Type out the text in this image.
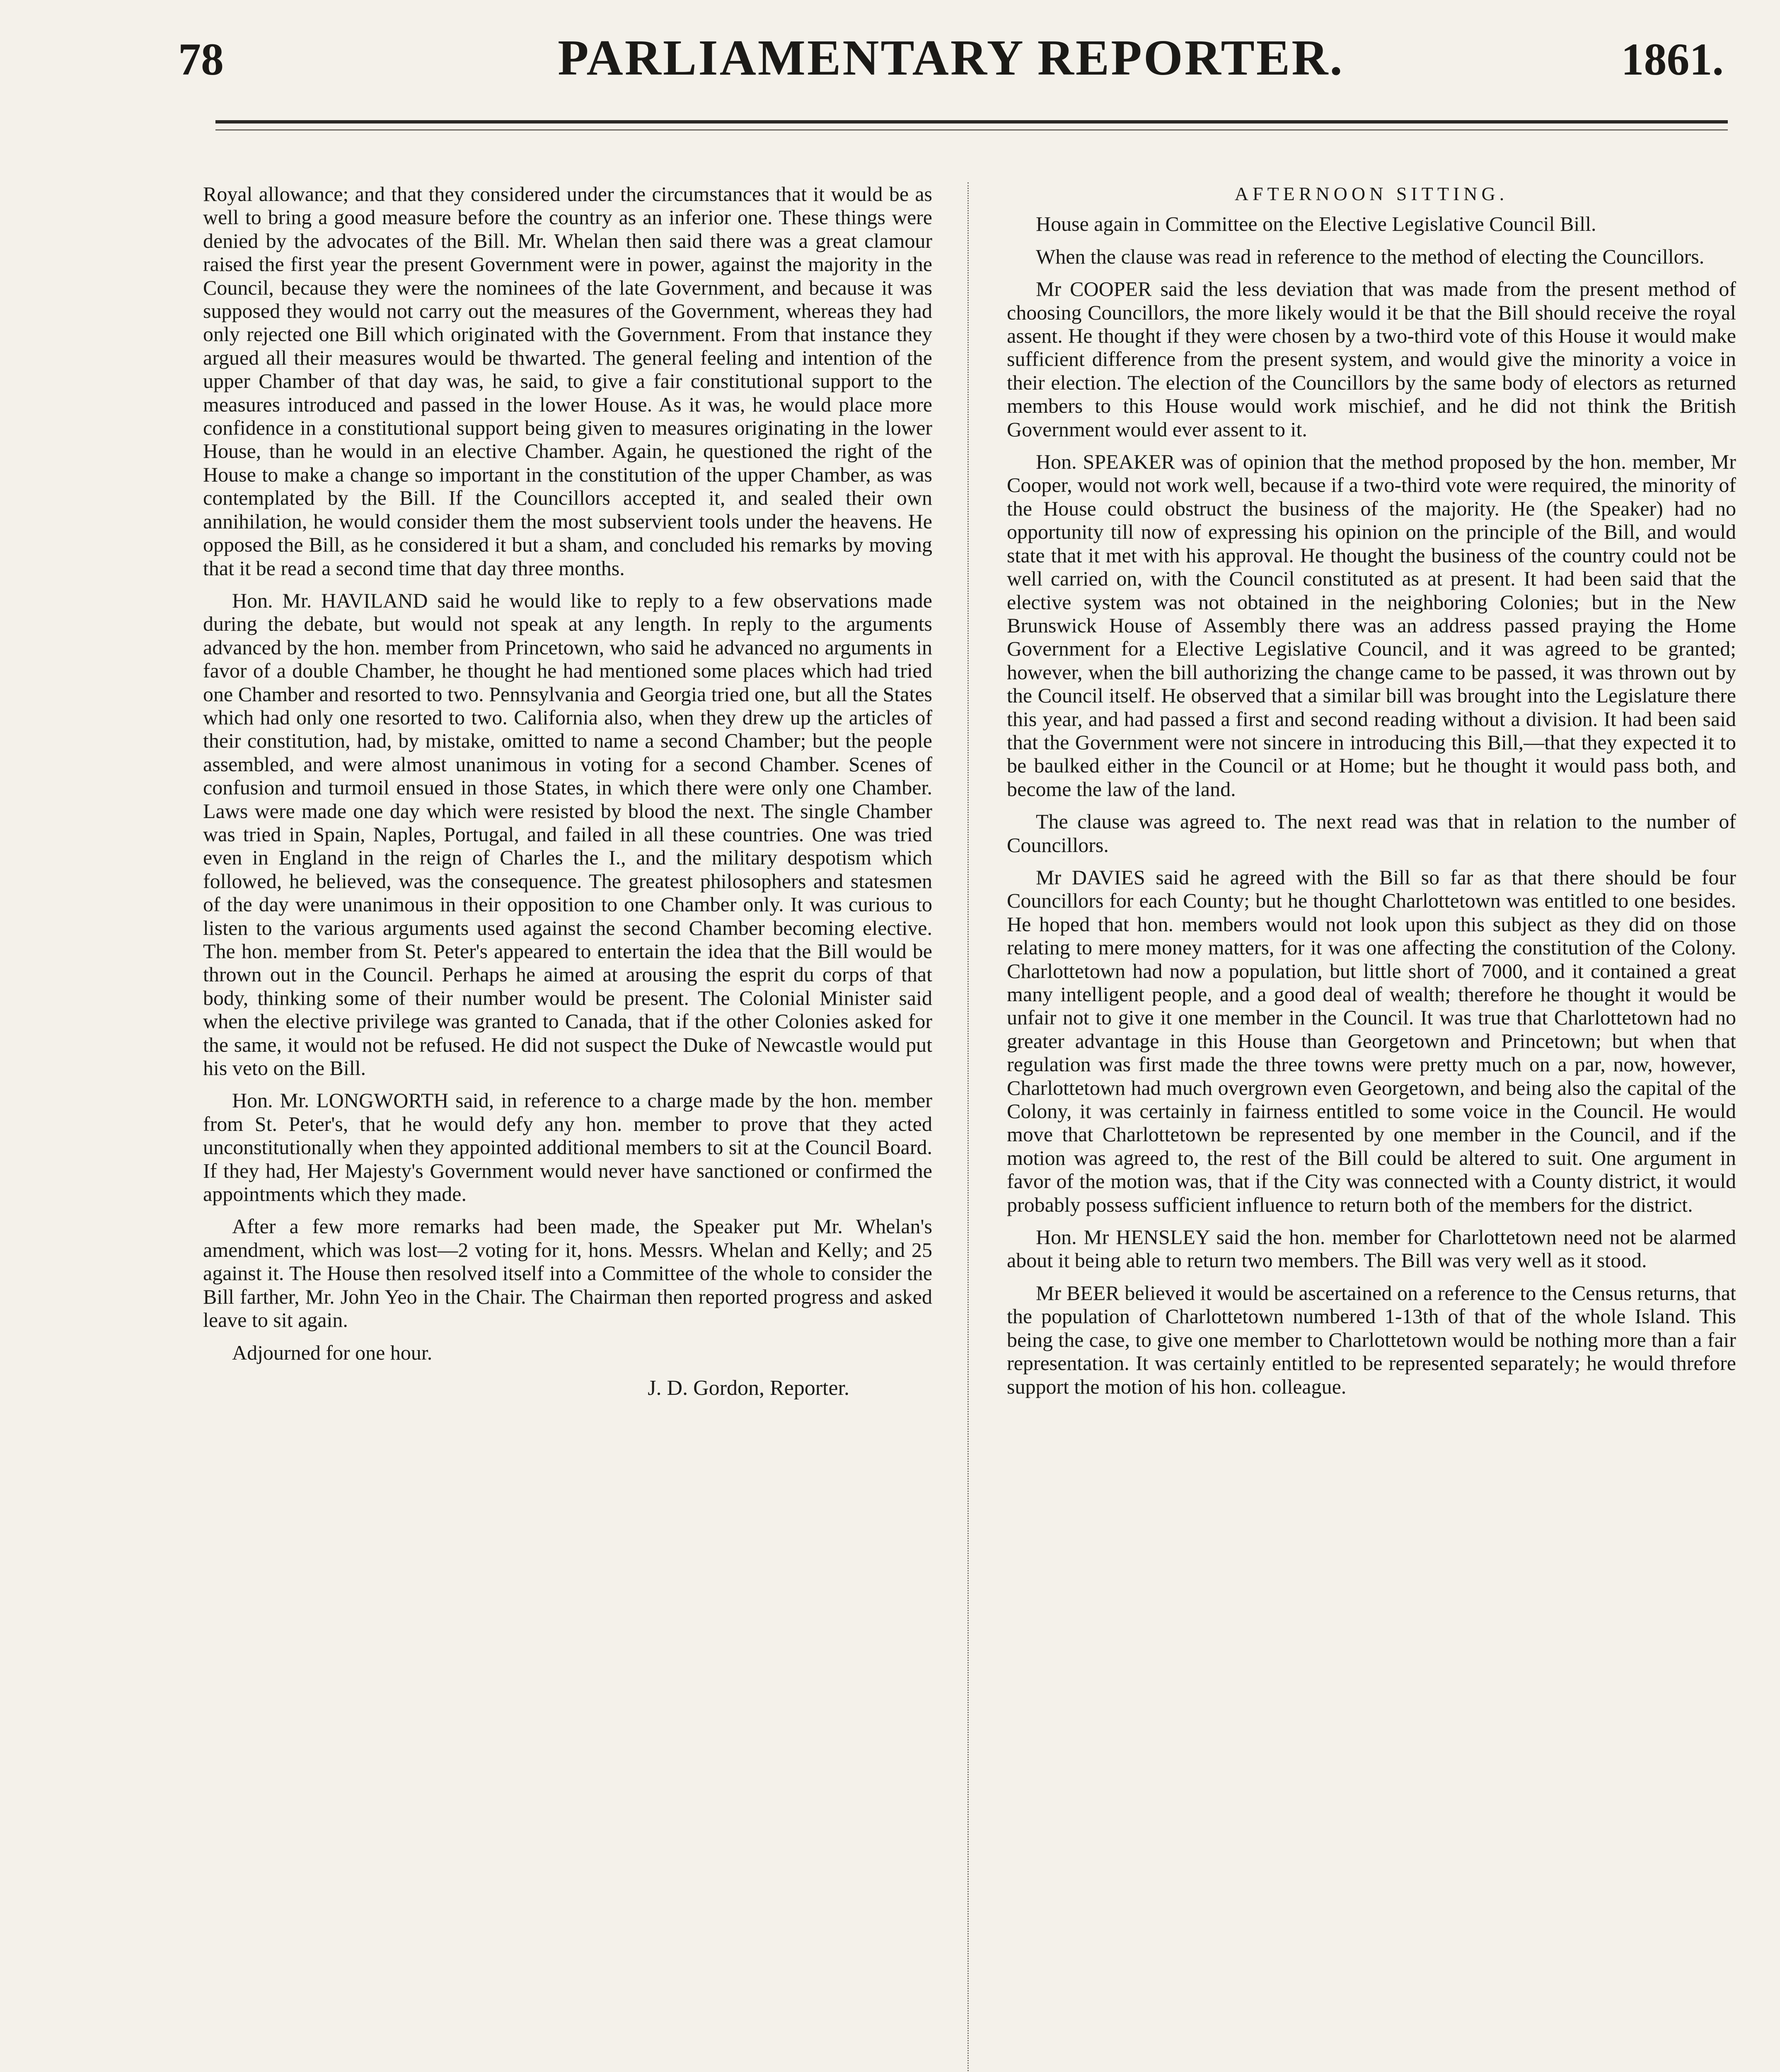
78	PARLIAMENTARY REPORTER.	1861.

Royal allowance; and that they considered under the circumstances that it would be as well to bring a good measure before the country as an inferior one. These things were denied by the advocates of the Bill. Mr. Whelan then said there was a great clamour raised the first year the present Government were in power, against the majority in the Council, because they were the nominees of the late Government, and because it was supposed they would not carry out the measures of the Government, whereas they had only rejected one Bill which originated with the Government. From that instance they argued all their measures would be thwarted. The general feeling and intention of the upper Chamber of that day was, he said, to give a fair constitutional support to the measures introduced and passed in the lower House. As it was, he would place more confidence in a constitutional support being given to measures originating in the lower House, than he would in an elective Chamber. Again, he questioned the right of the House to make a change so important in the constitution of the upper Chamber, as was contemplated by the Bill. If the Councillors accepted it, and sealed their own annihilation, he would consider them the most subservient tools under the heavens. He opposed the Bill, as he considered it but a sham, and concluded his remarks by moving that it be read a second time that day three months.

Hon. Mr. HAVILAND said he would like to reply to a few observations made during the debate, but would not speak at any length. In reply to the arguments advanced by the hon. member from Princetown, who said he advanced no arguments in favor of a double Chamber, he thought he had mentioned some places which had tried one Chamber and resorted to two. Pennsylvania and Georgia tried one, but all the States which had only one resorted to two. California also, when they drew up the articles of their constitution, had, by mistake, omitted to name a second Chamber; but the people assembled, and were almost unanimous in voting for a second Chamber. Scenes of confusion and turmoil ensued in those States, in which there were only one Chamber. Laws were made one day which were resisted by blood the next. The single Chamber was tried in Spain, Naples, Portugal, and failed in all these countries. One was tried even in England in the reign of Charles the I., and the military despotism which followed, he believed, was the consequence. The greatest philosophers and statesmen of the day were unanimous in their opposition to one Chamber only. It was curious to listen to the various arguments used against the second Chamber becoming elective. The hon. member from St. Peter's appeared to entertain the idea that the Bill would be thrown out in the Council. Perhaps he aimed at arousing the esprit du corps of that body, thinking some of their number would be present. The Colonial Minister said when the elective privilege was granted to Canada, that if the other Colonies asked for the same, it would not be refused. He did not suspect the Duke of Newcastle would put his veto on the Bill.

Hon. Mr. LONGWORTH said, in reference to a charge made by the hon. member from St. Peter's, that he would defy any hon. member to prove that they acted unconstitutionally when they appointed additional members to sit at the Council Board. If they had, Her Majesty's Government would never have sanctioned or confirmed the appointments which they made.

After a few more remarks had been made, the Speaker put Mr. Whelan's amendment, which was lost—2 voting for it, hons. Messrs. Whelan and Kelly; and 25 against it. The House then resolved itself into a Committee of the whole to consider the Bill farther, Mr. John Yeo in the Chair. The Chairman then reported progress and asked leave to sit again.

Adjourned for one hour.

J. D. Gordon, Reporter.
AFTERNOON SITTING.

House again in Committee on the Elective Legislative Council Bill.

When the clause was read in reference to the method of electing the Councillors.

Mr COOPER said the less deviation that was made from the present method of choosing Councillors, the more likely would it be that the Bill should receive the royal assent. He thought if they were chosen by a two-third vote of this House it would make sufficient difference from the present system, and would give the minority a voice in their election. The election of the Councillors by the same body of electors as returned members to this House would work mischief, and he did not think the British Government would ever assent to it.

Hon. SPEAKER was of opinion that the method proposed by the hon. member, Mr Cooper, would not work well, because if a two-third vote were required, the minority of the House could obstruct the business of the majority. He (the Speaker) had no opportunity till now of expressing his opinion on the principle of the Bill, and would state that it met with his approval. He thought the business of the country could not be well carried on, with the Council constituted as at present. It had been said that the elective system was not obtained in the neighboring Colonies; but in the New Brunswick House of Assembly there was an address passed praying the Home Government for a Elective Legislative Council, and it was agreed to be granted; however, when the bill authorizing the change came to be passed, it was thrown out by the Council itself. He observed that a similar bill was brought into the Legislature there this year, and had passed a first and second reading without a division. It had been said that the Government were not sincere in introducing this Bill,—that they expected it to be baulked either in the Council or at Home; but he thought it would pass both, and become the law of the land.

The clause was agreed to. The next read was that in relation to the number of Councillors.

Mr DAVIES said he agreed with the Bill so far as that there should be four Councillors for each County; but he thought Charlottetown was entitled to one besides. He hoped that hon. members would not look upon this subject as they did on those relating to mere money matters, for it was one affecting the constitution of the Colony. Charlottetown had now a population, but little short of 7000, and it contained a great many intelligent people, and a good deal of wealth; therefore he thought it would be unfair not to give it one member in the Council. It was true that Charlottetown had no greater advantage in this House than Georgetown and Princetown; but when that regulation was first made the three towns were pretty much on a par, now, however, Charlottetown had much overgrown even Georgetown, and being also the capital of the Colony, it was certainly in fairness entitled to some voice in the Council. He would move that Charlottetown be represented by one member in the Council, and if the motion was agreed to, the rest of the Bill could be altered to suit. One argument in favor of the motion was, that if the City was connected with a County district, it would probably possess sufficient influence to return both of the members for the district.

Hon. Mr HENSLEY said the hon. member for Charlottetown need not be alarmed about it being able to return two members. The Bill was very well as it stood.

Mr BEER believed it would be ascertained on a reference to the Census returns, that the population of Charlottetown numbered 1-13th of that of the whole Island. This being the case, to give one member to Charlottetown would be nothing more than a fair representation. It was certainly entitled to be represented separately; he would threfore support the motion of his hon. colleague.
